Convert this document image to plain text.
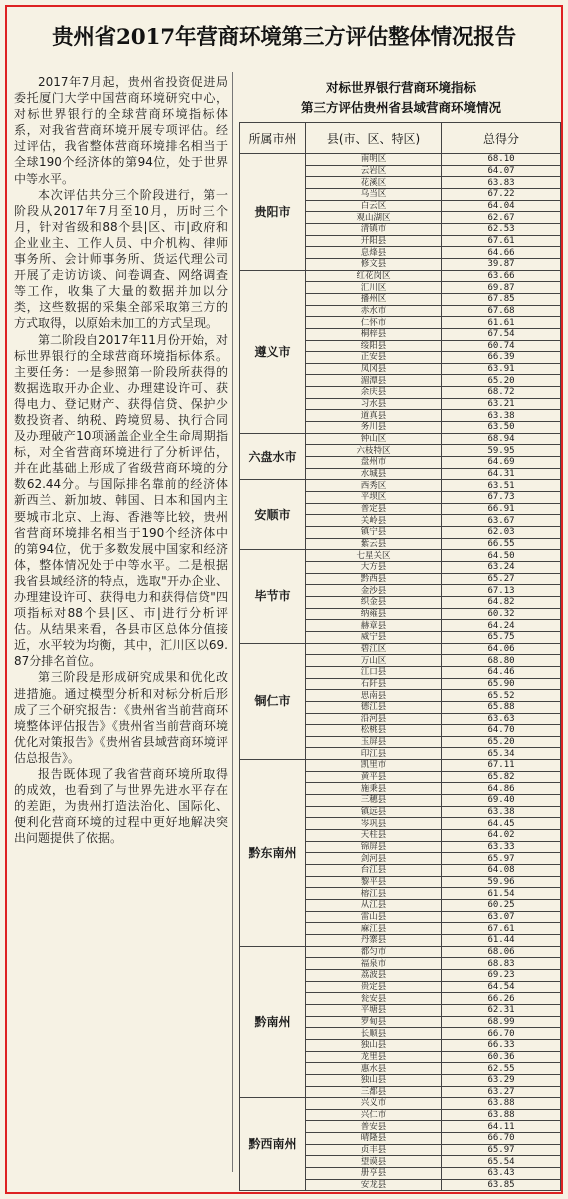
贵州省2017年营商环境第三方评估整体情况报告

2017年7月起，贵州省投资促进局委托厦门大学中国营商环境研究中心，对标世界银行的全球营商环境指标体系，对我省营商环境开展专项评估。经过评估，我省整体营商环境排名相当于全球190个经济体的第94位，处于世界中等水平。

本次评估共分三个阶段进行，第一阶段从2017年7月至10月，历时三个月，针对省级和88个县|区、市|政府和企业业主、工作人员、中介机构、律师事务所、会计师事务所、货运代理公司开展了走访访谈、问卷调查、网络调查等工作，收集了大量的数据并加以分类，这些数据的采集全部采取第三方的方式取得，以原始未加工的方式呈现。

第二阶段自2017年11月份开始，对标世界银行的全球营商环境指标体系。主要任务：一是参照第一阶段所获得的数据选取开办企业、办理建设许可、获得电力、登记财产、获得信贷、保护少数投资者、纳税、跨境贸易、执行合同及办理破产10项涵盖企业全生命周期指标，对全省营商环境进行了分析评估，并在此基础上形成了省级营商环境的分数62.44分。与国际排名靠前的经济体新西兰、新加坡、韩国、日本和国内主要城市北京、上海、香港等比较，贵州省营商环境排名相当于190个经济体中的第94位，优于多数发展中国家和经济体，整体情况处于中等水平。二是根据我省县域经济的特点，选取"开办企业、办理建设许可、获得电力和获得信贷"四项指标对88个县|区、市|进行分析评估。从结果来看，各县市区总体分值接近，水平较为均衡，其中，汇川区以69.87分排名首位。

第三阶段是形成研究成果和优化改进措施。通过模型分析和对标分析后形成了三个研究报告：《贵州省当前营商环境整体评估报告》《贵州省当前营商环境优化对策报告》《贵州省县域营商环境评估总报告》。

报告既体现了我省营商环境所取得的成效，也看到了与世界先进水平存在的差距，为贵州打造法治化、国际化、便利化营商环境的过程中更好地解决突出问题提供了依据。

对标世界银行营商环境指标
第三方评估贵州省县域营商环境情况
所属市州	县(市、区、特区)	总得分
贵阳市	南明区	68.10
	云岩区	64.07
	花溪区	63.83
	乌当区	67.22
	白云区	64.04
	观山湖区	62.67
	清镇市	62.53
	开阳县	67.61
	息烽县	64.66
	修文县	39.87
遵义市	红花岗区	63.66
	汇川区	69.87
	播州区	67.85
	赤水市	67.68
	仁怀市	61.61
	桐梓县	67.54
	绥阳县	60.74
	正安县	66.39
	凤冈县	63.91
	湄潭县	65.20
	余庆县	68.72
	习水县	63.21
	道真县	63.38
	务川县	63.50
六盘水市	钟山区	68.94
	六枝特区	59.95
	盘州市	64.69
	水城县	64.31
安顺市	西秀区	63.51
	平坝区	67.73
	普定县	66.91
	关岭县	63.67
	镇宁县	62.03
	紫云县	66.55
毕节市	七星关区	64.50
	大方县	63.24
	黔西县	65.27
	金沙县	67.13
	织金县	64.82
	纳雍县	60.32
	赫章县	64.24
	威宁县	65.75
铜仁市	碧江区	64.06
	万山区	68.80
	江口县	64.46
	石阡县	65.90
	思南县	65.52
	德江县	65.88
	沿河县	63.63
	松桃县	64.70
	玉屏县	65.20
	印江县	65.34
黔东南州	凯里市	67.11
	黄平县	65.82
	施秉县	64.86
	三穗县	69.40
	镇远县	63.38
	岑巩县	64.45
	天柱县	64.02
	锦屏县	63.33
	剑河县	65.97
	台江县	64.08
	黎平县	59.96
	榕江县	61.54
	从江县	60.25
	雷山县	63.07
	麻江县	67.61
	丹寨县	61.44
黔南州	都匀市	68.06
	福泉市	68.83
	荔波县	69.23
	贵定县	64.54
	瓮安县	66.26
	平塘县	62.31
	罗甸县	68.99
	长顺县	66.70
	独山县	66.33
	龙里县	60.36
	惠水县	62.55
	独山县	63.29
	三都县	63.27
黔西南州	兴义市	63.88
	兴仁市	63.88
	普安县	64.11
	晴隆县	66.70
	贞丰县	65.97
	望谟县	65.54
	册亨县	63.43
	安龙县	63.85
